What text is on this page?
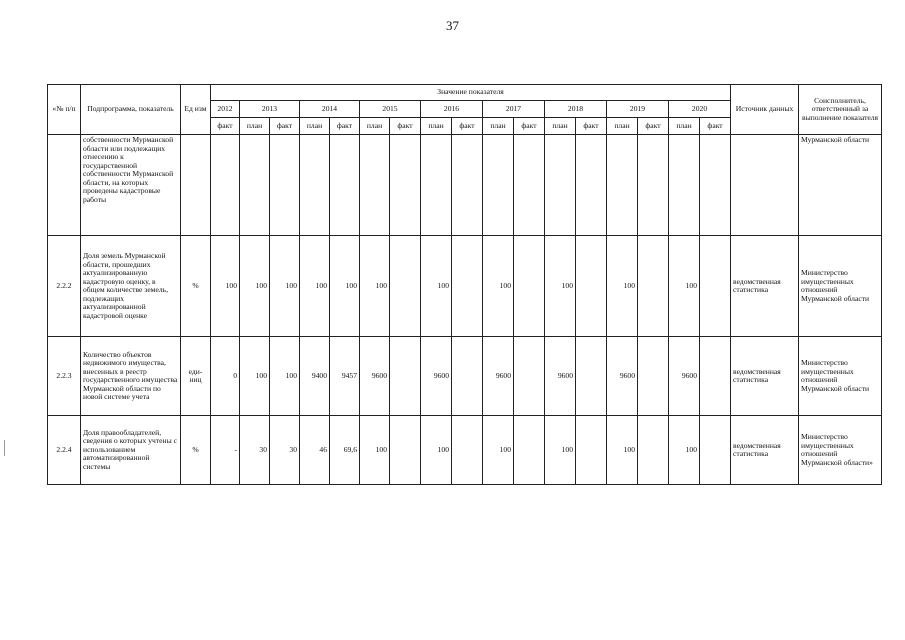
37
«№ п/п	Подпрограмма, показатель	Ед изм	Значение показателя																	Источник данных	Соисполнитель, ответственный за выполнение показателя
			2012	2013		2014		2015		2016		2017		2018		2019		2020			
			факт	план	факт	план	факт	план	факт	план	факт	план	факт	план	факт	план	факт	план	факт		
	собственности Мурманской области или подлежащих отнесению к государственной собственности Мурманской области, на которых проведены кадастровые работы																				Мурманской области
2.2.2	Доля земель Мурманской области, прошедших актуализированную кадастровую оценку, в общем количестве земель, подлежащих актуализированной кадастровой оценке	%	100	100	100	100	100	100		100		100		100		100		100		ведомственная статистика	Министерство имущественных отношений Мурманской области
2.2.3	Количество объектов недвижимого имущества, внесенных в реестр государственного имущества Мурманской области по новой системе учета	еди-ниц	0	100	100	9400	9457	9600		9600		9600		9600		9600		9600		ведомственная статистика	Министерство имущественных отношений Мурманской области
2.2.4	Доля правообладателей, сведения о которых учтены с использованием автоматизированной системы	%	-	30	30	46	69,6	100		100		100		100		100		100		ведомственная статистика	Министерство имущественных отношений Мурманской области»
